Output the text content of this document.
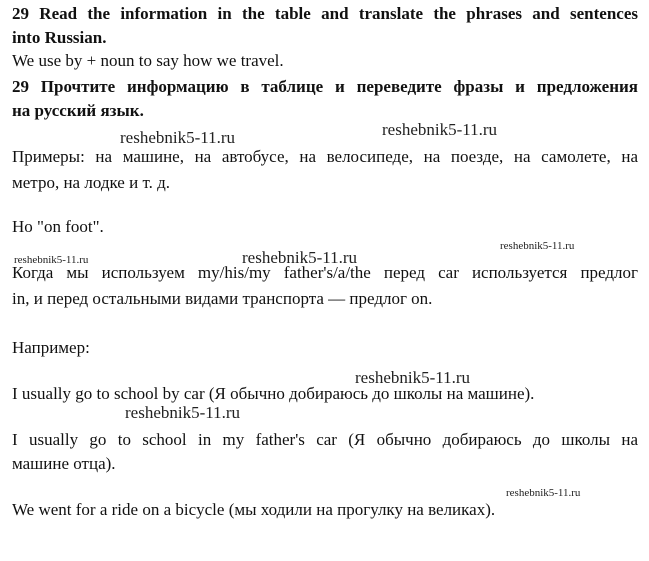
29 Read the information in the table and translate the phrases and sentences
into Russian.
We use by + noun to say how we travel.
29 Прочтите информацию в таблице и переведите фразы и предложения
на русский язык.
Примеры: на машине, на автобусе, на велосипеде, на поезде, на самолете, на
метро, на лодке и т. д.
Но "on foot".
Когда мы используем my/his/my father's/a/the перед car используется предлог
in, и перед остальными видами транспорта — предлог on.
Например:
I usually go to school by car (Я обычно добираюсь до школы на машине).
I usually go to school in my father's car (Я обычно добираюсь до школы на
машине отца).
We went for a ride on a bicycle (мы ходили на прогулку на великах).
reshebnik5-11.ru	reshebnik5-11.ru
reshebnik5-11.ru	reshebnik5-11.ru
reshebnik5-11.ru
reshebnik5-11.ru
reshebnik5-11.ru
reshebnik5-11.ru
